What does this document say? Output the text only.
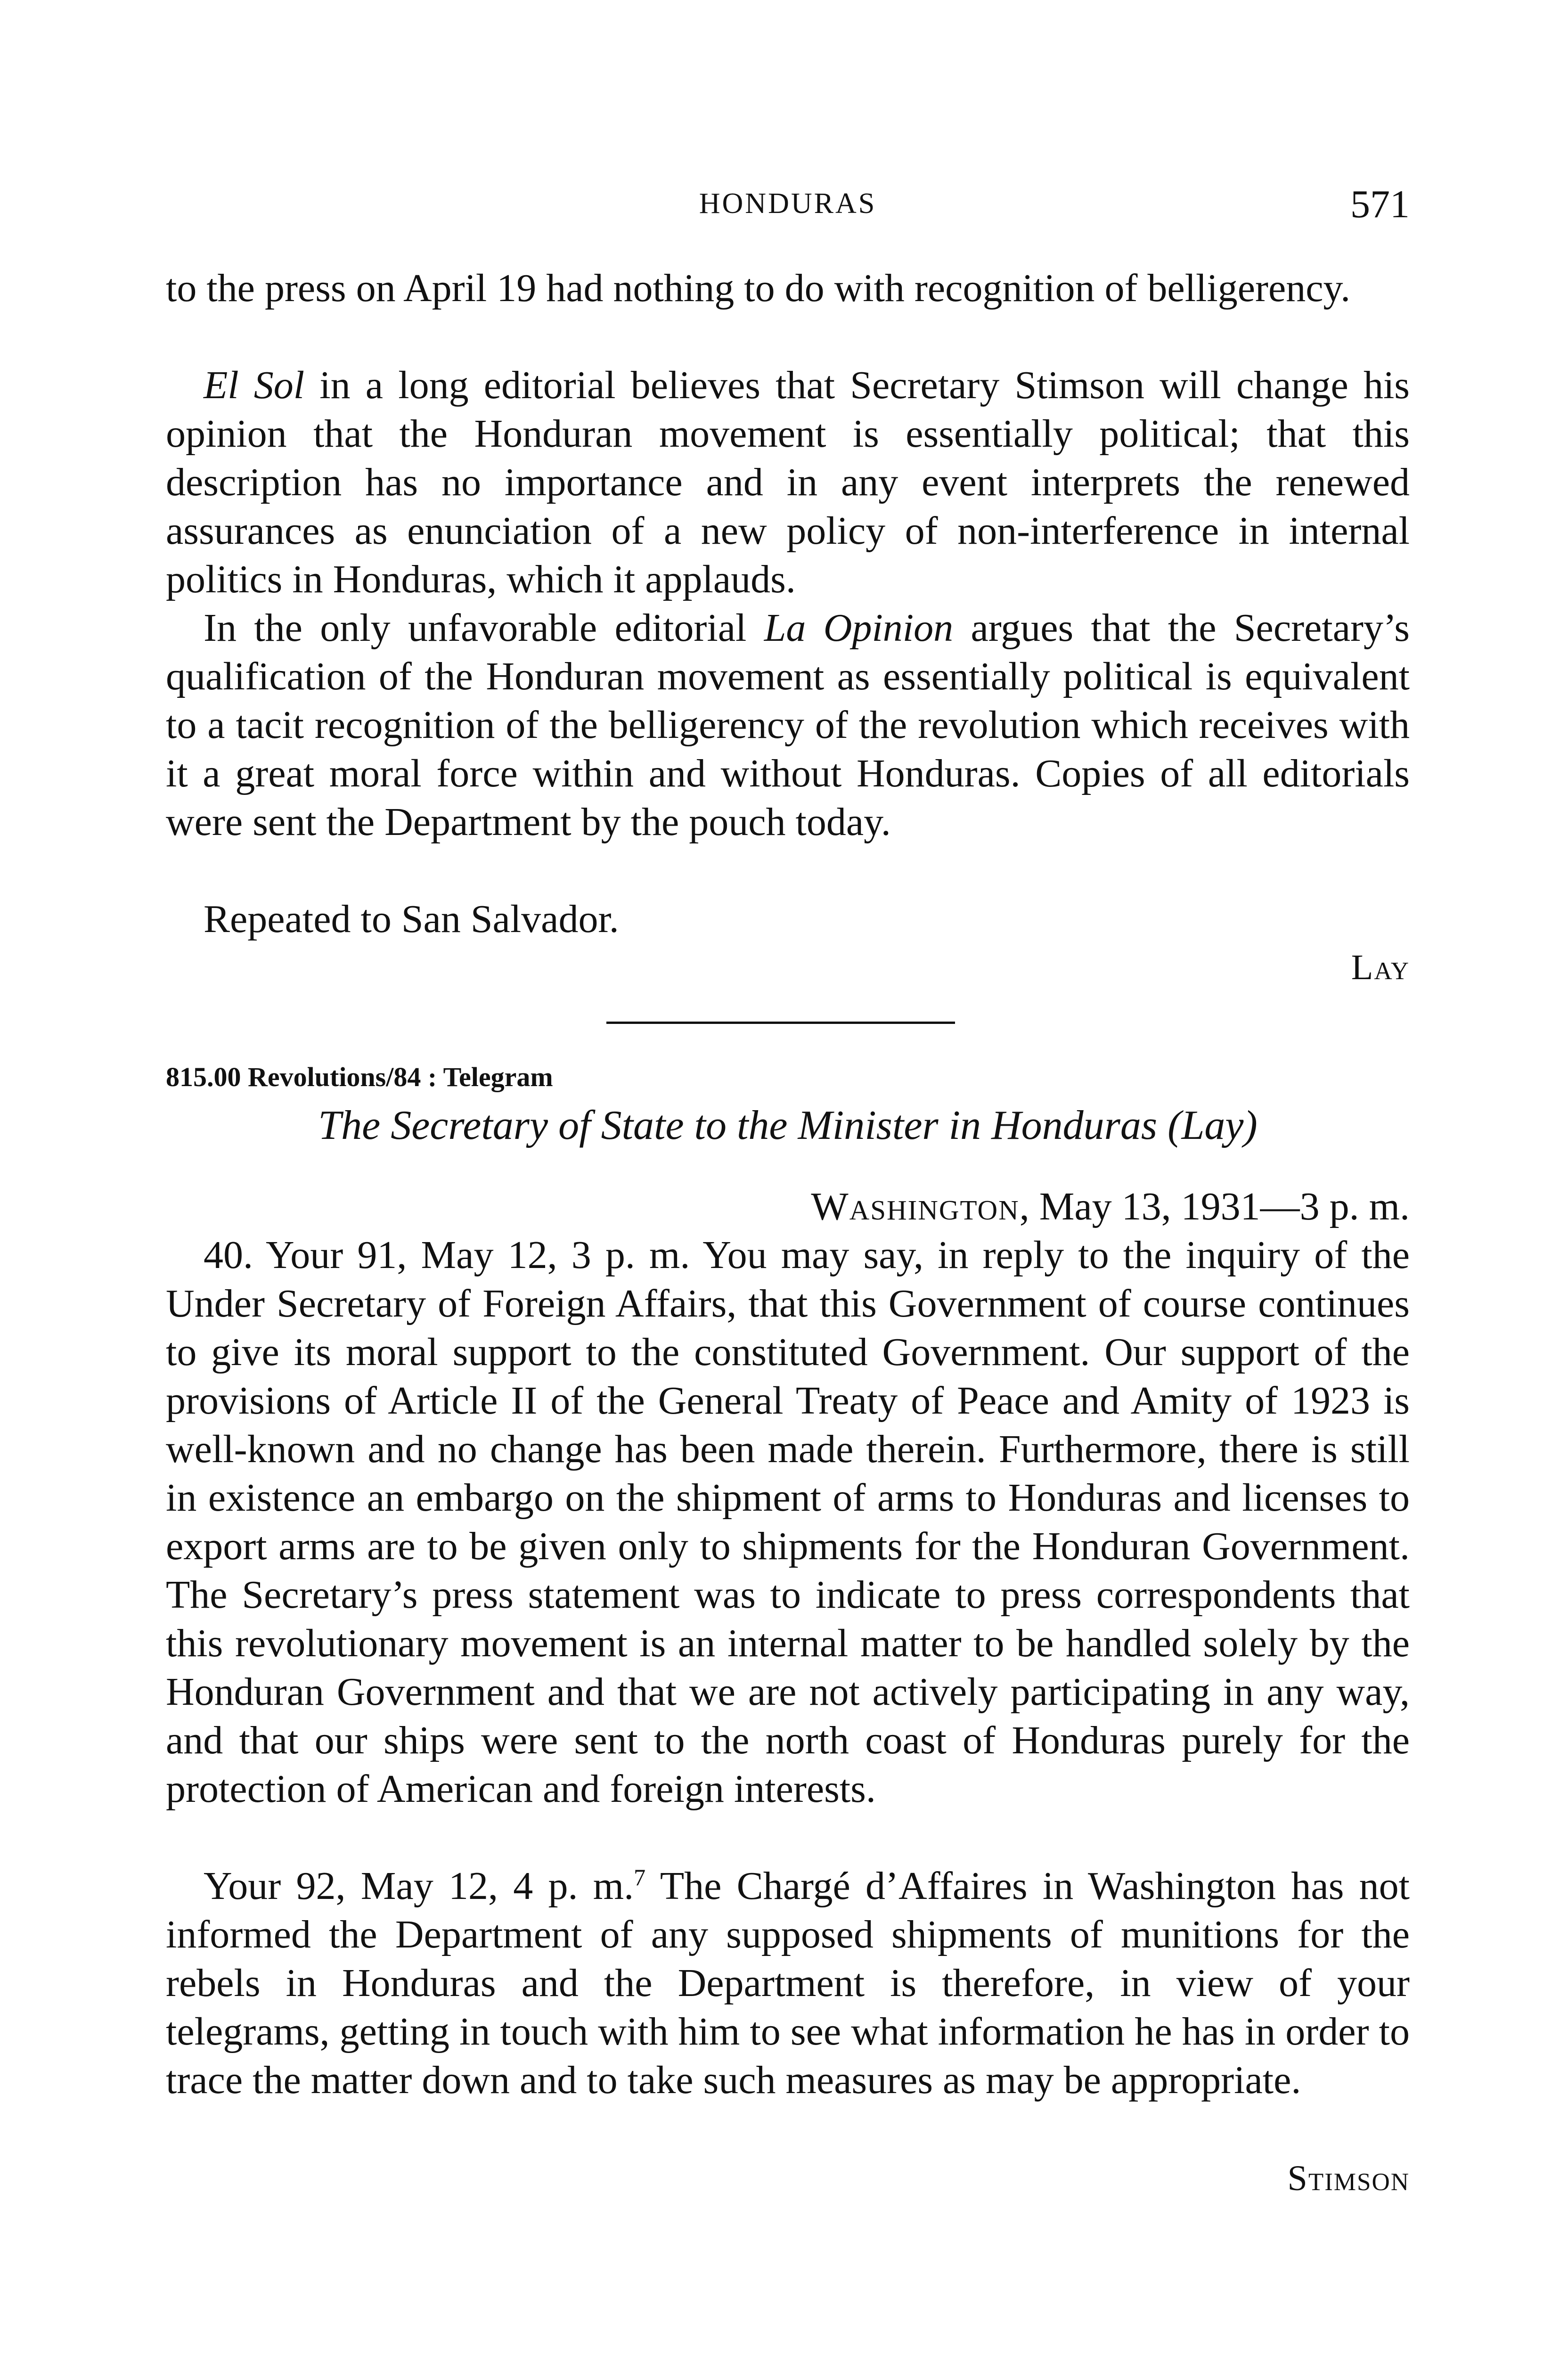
HONDURAS	571

to the press on April 19 had nothing to do with recognition of belligerency.

El Sol in a long editorial believes that Secretary Stimson will change his opinion that the Honduran movement is essentially political; that this description has no importance and in any event interprets the renewed assurances as enunciation of a new policy of non-interference in internal politics in Honduras, which it applauds.

In the only unfavorable editorial La Opinion argues that the Secretary’s qualification of the Honduran movement as essentially political is equivalent to a tacit recognition of the belligerency of the revolution which receives with it a great moral force within and without Honduras. Copies of all editorials were sent the Department by the pouch today.

Repeated to San Salvador.

Lay
815.00 Revolutions/84 : Telegram
The Secretary of State to the Minister in Honduras (Lay)
Washington, May 13, 1931—3 p. m.

40. Your 91, May 12, 3 p. m. You may say, in reply to the inquiry of the Under Secretary of Foreign Affairs, that this Government of course continues to give its moral support to the constituted Government. Our support of the provisions of Article II of the General Treaty of Peace and Amity of 1923 is well-known and no change has been made therein. Furthermore, there is still in existence an embargo on the shipment of arms to Honduras and licenses to export arms are to be given only to shipments for the Honduran Government. The Secretary’s press statement was to indicate to press correspondents that this revolutionary movement is an internal matter to be handled solely by the Honduran Government and that we are not actively participating in any way, and that our ships were sent to the north coast of Honduras purely for the protection of American and foreign interests.

Your 92, May 12, 4 p. m.$^7$ The Chargé d’Affaires in Washington has not informed the Department of any supposed shipments of munitions for the rebels in Honduras and the Department is therefore, in view of your telegrams, getting in touch with him to see what information he has in order to trace the matter down and to take such measures as may be appropriate.

Stimson
